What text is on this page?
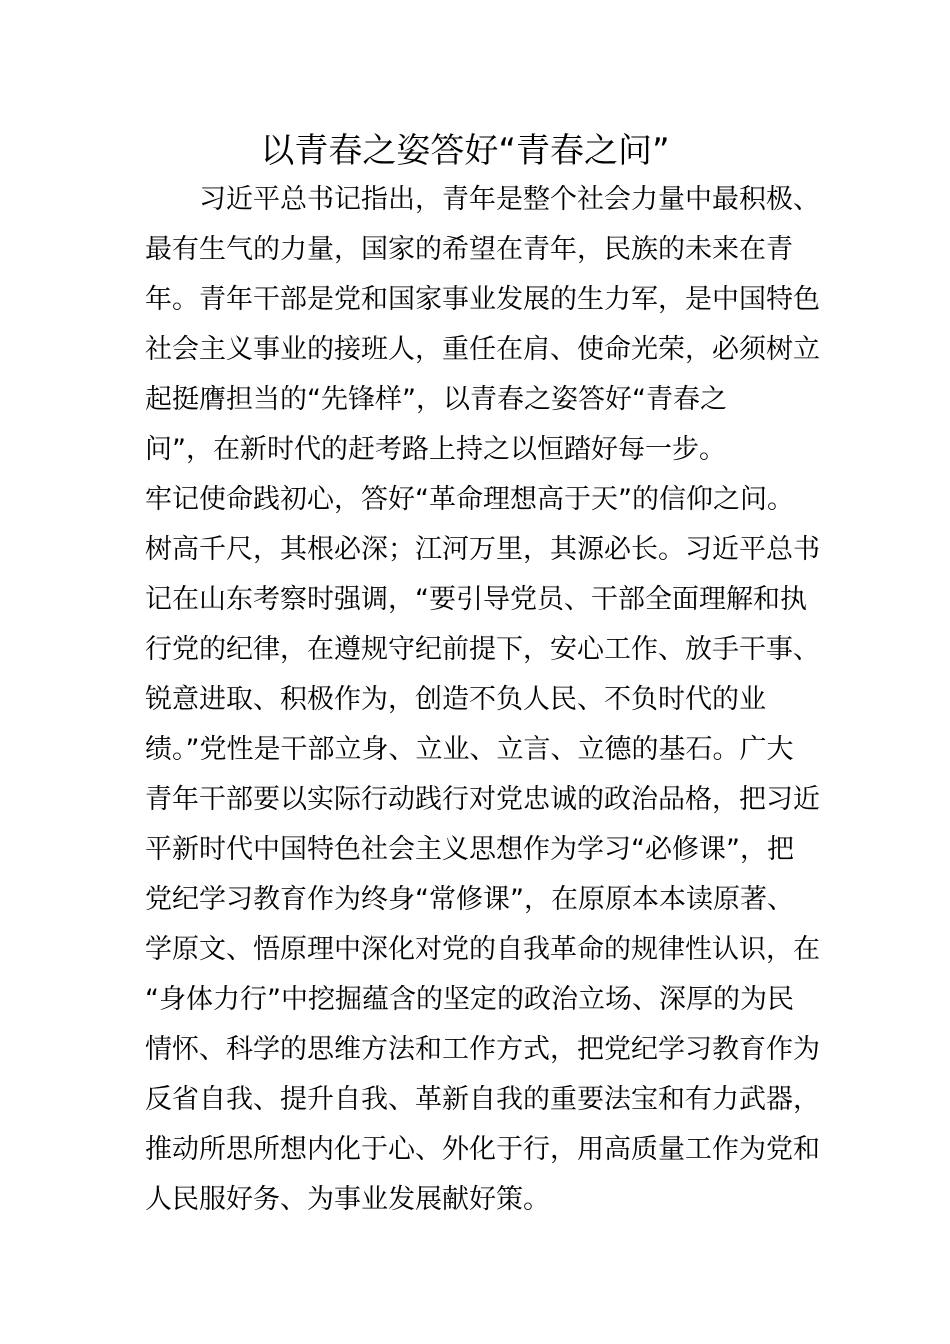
以青春之姿答好“青春之问”
　　习近平总书记指出，青年是整个社会力量中最积极、
最有生气的力量，国家的希望在青年，民族的未来在青
年。青年干部是党和国家事业发展的生力军，是中国特色
社会主义事业的接班人，重任在肩、使命光荣，必须树立
起挺膺担当的“先锋样”，以青春之姿答好“青春之
问”，在新时代的赶考路上持之以恒踏好每一步。
牢记使命践初心，答好“革命理想高于天”的信仰之问。
树高千尺，其根必深；江河万里，其源必长。习近平总书
记在山东考察时强调，“要引导党员、干部全面理解和执
行党的纪律，在遵规守纪前提下，安心工作、放手干事、
锐意进取、积极作为，创造不负人民、不负时代的业
绩。”党性是干部立身、立业、立言、立德的基石。广大
青年干部要以实际行动践行对党忠诚的政治品格，把习近
平新时代中国特色社会主义思想作为学习“必修课”，把
党纪学习教育作为终身“常修课”，在原原本本读原著、
学原文、悟原理中深化对党的自我革命的规律性认识，在
“身体力行”中挖掘蕴含的坚定的政治立场、深厚的为民
情怀、科学的思维方法和工作方式，把党纪学习教育作为
反省自我、提升自我、革新自我的重要法宝和有力武器，
推动所思所想内化于心、外化于行，用高质量工作为党和
人民服好务、为事业发展献好策。
